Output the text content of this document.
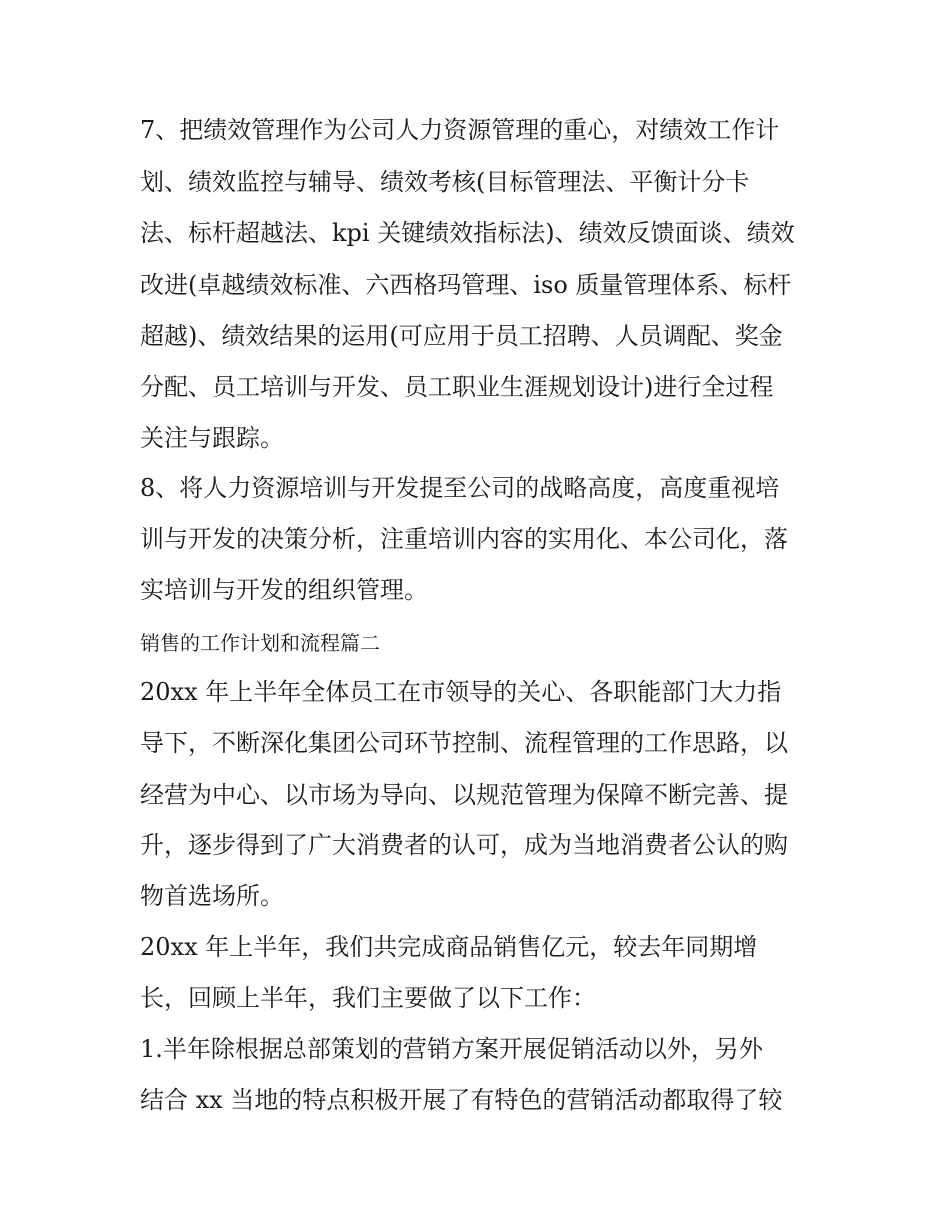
7、把绩效管理作为公司人力资源管理的重心，对绩效工作计
划、绩效监控与辅导、绩效考核(目标管理法、平衡计分卡
法、标杆超越法、kpi 关键绩效指标法)、绩效反馈面谈、绩效
改进(卓越绩效标准、六西格玛管理、iso 质量管理体系、标杆
超越)、绩效结果的运用(可应用于员工招聘、人员调配、奖金
分配、员工培训与开发、员工职业生涯规划设计)进行全过程
关注与跟踪。
8、将人力资源培训与开发提至公司的战略高度，高度重视培
训与开发的决策分析，注重培训内容的实用化、本公司化，落
实培训与开发的组织管理。
销售的工作计划和流程篇二
20xx 年上半年全体员工在市领导的关心、各职能部门大力指
导下，不断深化集团公司环节控制、流程管理的工作思路，以
经营为中心、以市场为导向、以规范管理为保障不断完善、提
升，逐步得到了广大消费者的认可，成为当地消费者公认的购
物首选场所。
20xx 年上半年，我们共完成商品销售亿元，较去年同期增
长，回顾上半年，我们主要做了以下工作：
1.半年除根据总部策划的营销方案开展促销活动以外，另外
结合 xx 当地的特点积极开展了有特色的营销活动都取得了较
